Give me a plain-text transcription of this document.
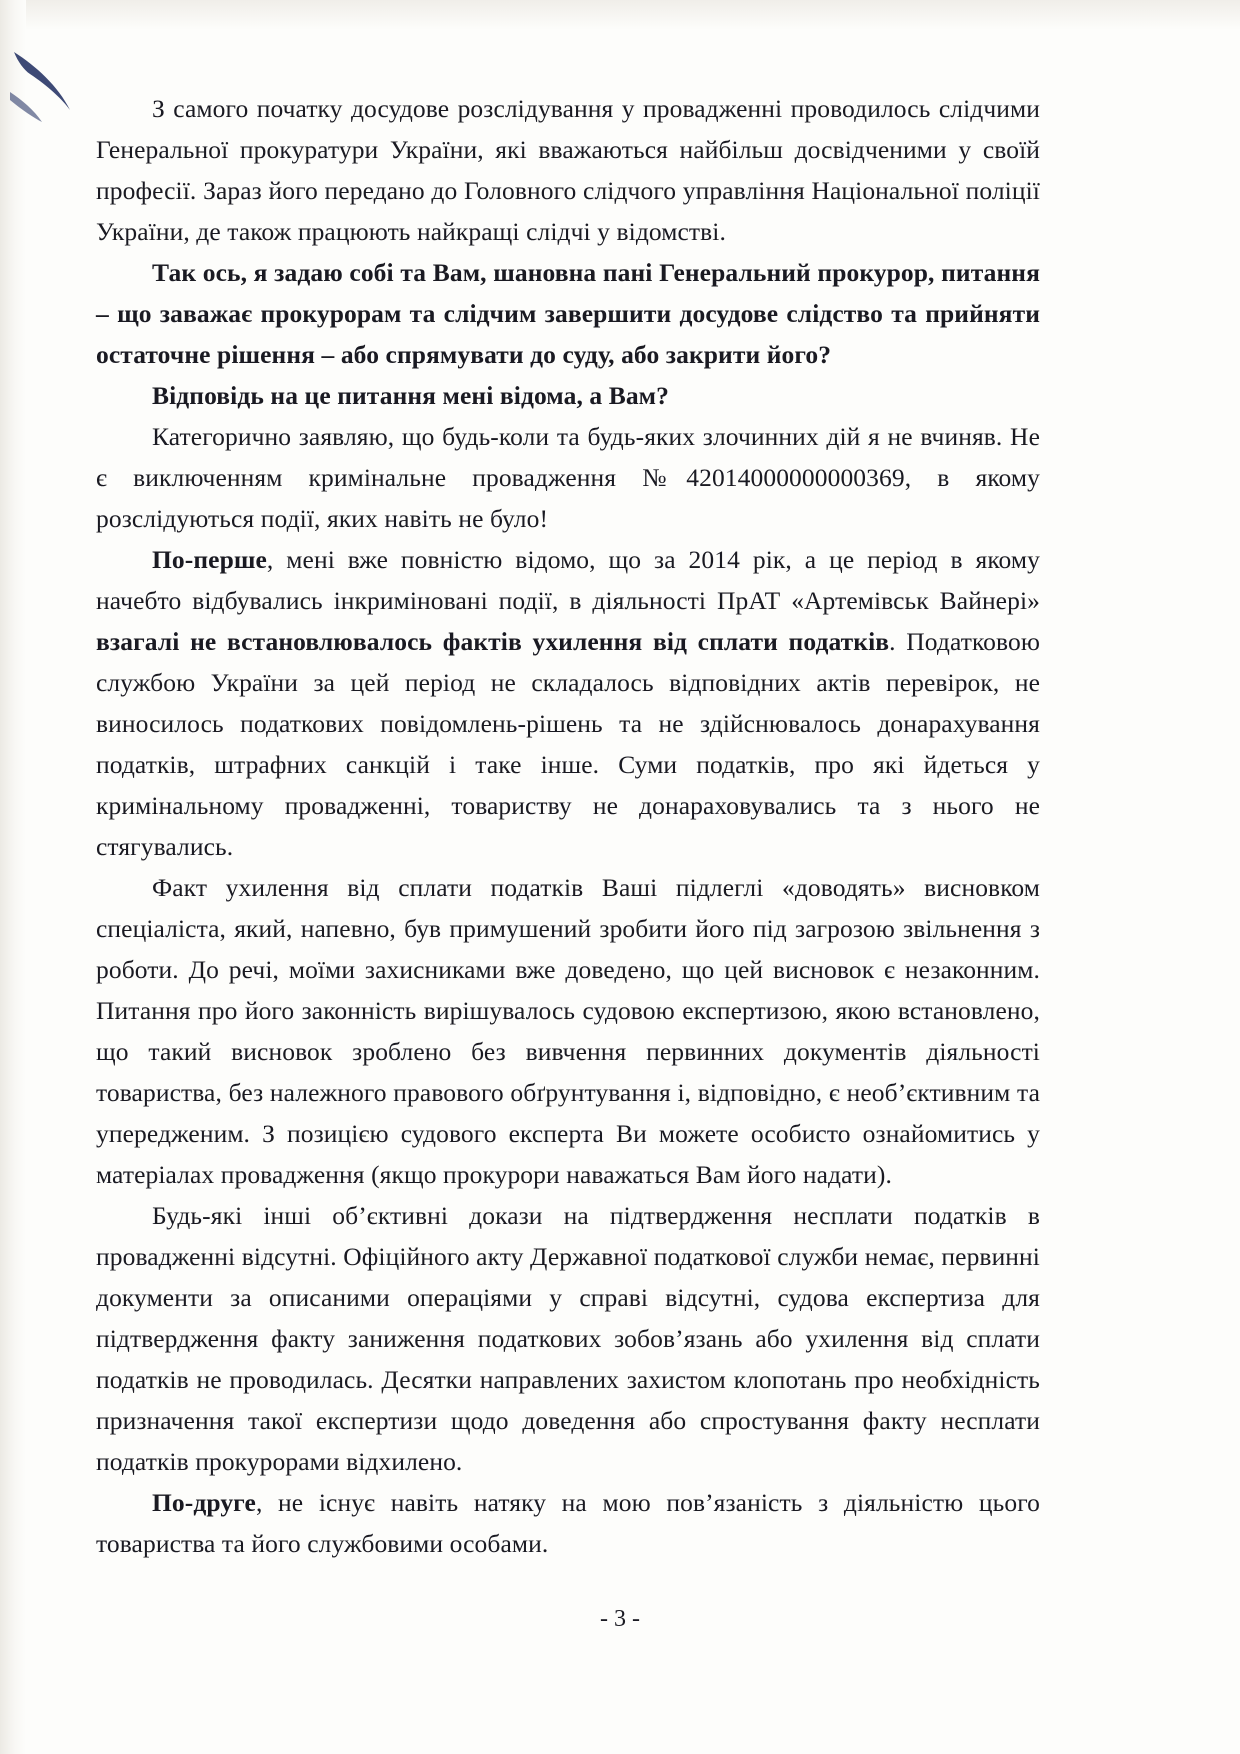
З самого початку досудове розслідування у провадженні проводилось слідчими Генеральної прокуратури України, які вважаються найбільш досвідченими у своїй професії. Зараз його передано до Головного слідчого управління Національної поліції України, де також працюють найкращі слідчі у відомстві.

Так ось, я задаю собі та Вам, шановна пані Генеральний прокурор, питання – що заважає прокурорам та слідчим завершити досудове слідство та прийняти остаточне рішення – або спрямувати до суду, або закрити його?

Відповідь на це питання мені відома, а Вам?

Категорично заявляю, що будь-коли та будь-яких злочинних дій я не вчиняв. Не є виключенням кримінальне провадження №42014000000000369, в якому розслідуються події, яких навіть не було!

По-перше, мені вже повністю відомо, що за 2014 рік, а це період в якому начебто відбувались інкриміновані події, в діяльності ПрАТ «Артемівськ Вайнері» взагалі не встановлювалось фактів ухилення від сплати податків. Податковою службою України за цей період не складалось відповідних актів перевірок, не виносилось податкових повідомлень-рішень та не здійснювалось донарахування податків, штрафних санкцій і таке інше. Суми податків, про які йдеться у кримінальному провадженні, товариству не донараховувались та з нього не стягувались.

Факт ухилення від сплати податків Ваші підлеглі «доводять» висновком спеціаліста, який, напевно, був примушений зробити його під загрозою звільнення з роботи. До речі, моїми захисниками вже доведено, що цей висновок є незаконним. Питання про його законність вирішувалось судовою експертизою, якою встановлено, що такий висновок зроблено без вивчення первинних документів діяльності товариства, без належного правового обґрунтування і, відповідно, є необ’єктивним та упередженим. З позицією судового експерта Ви можете особисто ознайомитись у матеріалах провадження (якщо прокурори наважаться Вам його надати).

Будь-які інші об’єктивні докази на підтвердження несплати податків в провадженні відсутні. Офіційного акту Державної податкової служби немає, первинні документи за описаними операціями у справі відсутні, судова експертиза для підтвердження факту заниження податкових зобов’язань або ухилення від сплати податків не проводилась. Десятки направлених захистом клопотань про необхідність призначення такої експертизи щодо доведення або спростування факту несплати податків прокурорами відхилено.

По-друге, не існує навіть натяку на мою пов’язаність з діяльністю цього товариства та його службовими особами.

- 3 -
